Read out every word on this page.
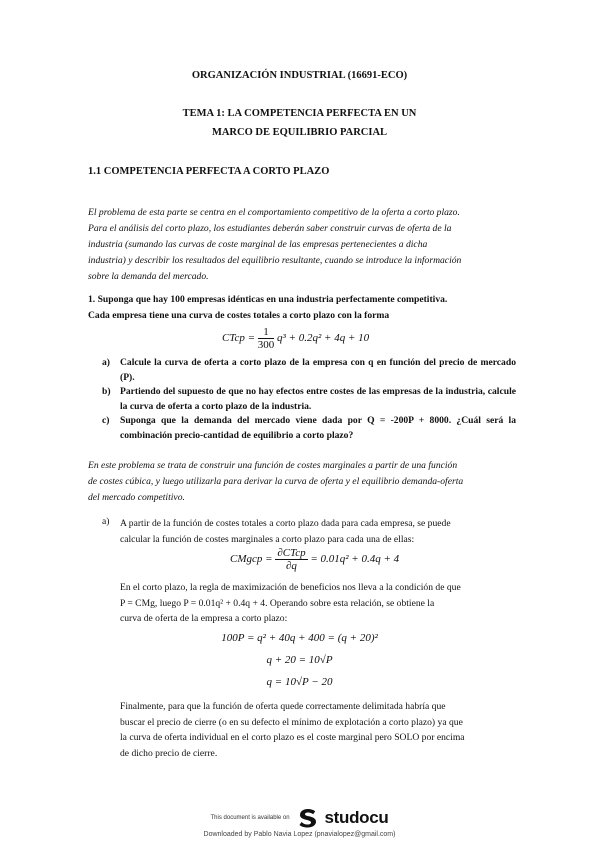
ORGANIZACIÓN INDUSTRIAL (16691-ECO)
TEMA 1: LA COMPETENCIA PERFECTA EN UN
MARCO DE EQUILIBRIO PARCIAL
1.1 COMPETENCIA PERFECTA A CORTO PLAZO
El problema de esta parte se centra en el comportamiento competitivo de la oferta a corto plazo.
Para el análisis del corto plazo, los estudiantes deberán saber construir curvas de oferta de la
industria (sumando las curvas de coste marginal de las empresas pertenecientes a dicha
industria) y describir los resultados del equilibrio resultante, cuando se introduce la información
sobre la demanda del mercado.
1. Suponga que hay 100 empresas idénticas en una industria perfectamente competitiva.
Cada empresa tiene una curva de costes totales a corto plazo con la forma
CTcp = $\frac{1}{300} q^3 + 0.2q^2 + 4q + 10$
a) Calcule la curva de oferta a corto plazo de la empresa con q en función del precio de mercado (P).
b) Partiendo del supuesto de que no hay efectos entre costes de las empresas de la industria, calcule la curva de oferta a corto plazo de la industria.
c) Suponga que la demanda del mercado viene dada por Q = -200P + 8000. ¿Cuál será la combinación precio-cantidad de equilibrio a corto plazo?
En este problema se trata de construir una función de costes marginales a partir de una función
de costes cúbica, y luego utilizarla para derivar la curva de oferta y el equilibrio demanda-oferta
del mercado competitivo.
a) A partir de la función de costes totales a corto plazo dada para cada empresa, se puede
calcular la función de costes marginales a corto plazo para cada una de ellas:
CMgcp = $\frac{\text{∂CTcp}}{\partial q} = 0.01q^2 + 0.4q + 4$
En el corto plazo, la regla de maximización de beneficios nos lleva a la condición de que
P = CMg, luego P = 0.01q² + 0.4q + 4. Operando sobre esta relación, se obtiene la
curva de oferta de la empresa a corto plazo:
100P = q² + 40q + 400 = (q + 20)²
q + 20 = 10√P
q = 10√P − 20
Finalmente, para que la función de oferta quede correctamente delimitada habría que
buscar el precio de cierre (o en su defecto el mínimo de explotación a corto plazo) ya que
la curva de oferta individual en el corto plazo es el coste marginal pero SOLO por encima
de dicho precio de cierre.
This document is available on studocu
Downloaded by Pablo Navia Lopez (pnavialopez@gmail.com)
